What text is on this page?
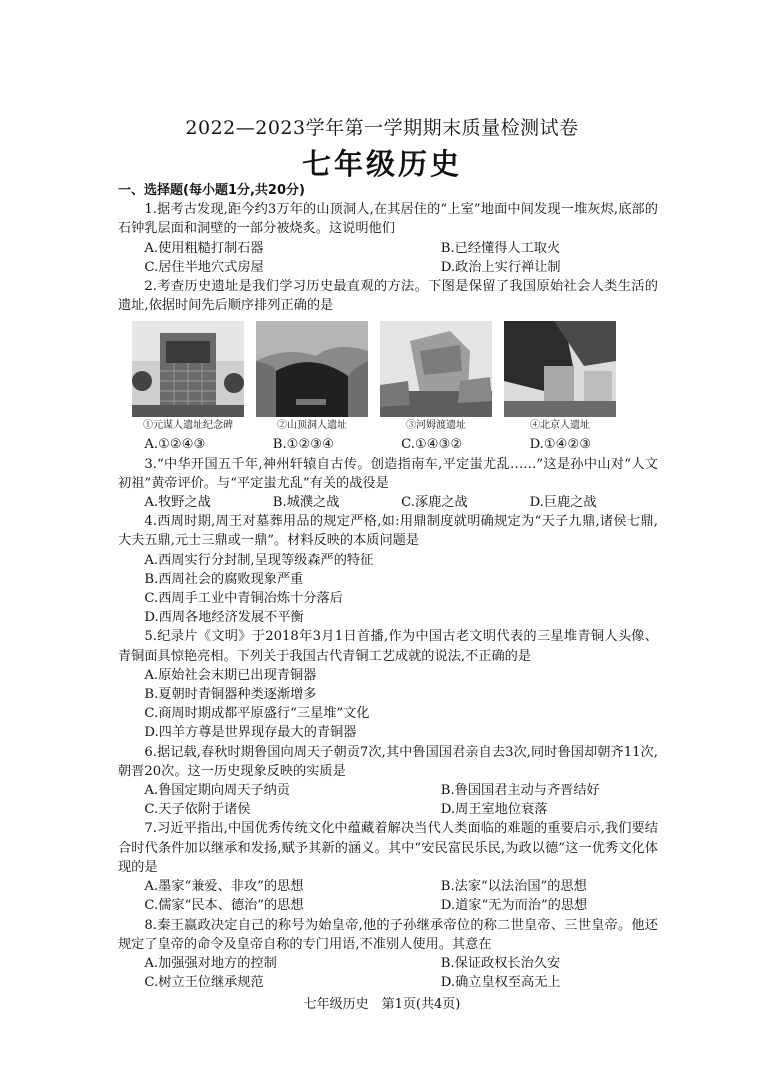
2022—2023学年第一学期期末质量检测试卷
七年级历史
一、选择题(每小题1分,共20分)
1.据考古发现,距今约3万年的山顶洞人,在其居住的“上室”地面中间发现一堆灰烬,底部的石钟乳层面和洞壁的一部分被烧炙。这说明他们
A.使用粗糙打制石器	B.已经懂得人工取火
C.居住半地穴式房屋	D.政治上实行禅让制
2.考查历史遗址是我们学习历史最直观的方法。下图是保留了我国原始社会人类生活的遗址,依据时间先后顺序排列正确的是
①元谋人遗址纪念碑	②山顶洞人遗址	③河姆渡遗址	④北京人遗址
A.①②④③	B.①②③④	C.①④③②	D.①④②③
3.“中华开国五千年,神州轩辕自古传。创造指南车,平定蚩尤乱……”这是孙中山对“人文初祖”黄帝评价。与“平定蚩尤乱”有关的战役是
A.牧野之战	B.城濮之战	C.涿鹿之战	D.巨鹿之战
4.西周时期,周王对墓葬用品的规定严格,如:用鼎制度就明确规定为“天子九鼎,诸侯七鼎,大夫五鼎,元士三鼎或一鼎”。材料反映的本质问题是
A.西周实行分封制,呈现等级森严的特征
B.西周社会的腐败现象严重
C.西周手工业中青铜冶炼十分落后
D.西周各地经济发展不平衡
5.纪录片《文明》于2018年3月1日首播,作为中国古老文明代表的三星堆青铜人头像、青铜面具惊艳亮相。下列关于我国古代青铜工艺成就的说法,不正确的是
A.原始社会末期已出现青铜器
B.夏朝时青铜器种类逐渐增多
C.商周时期成都平原盛行“三星堆”文化
D.四羊方尊是世界现存最大的青铜器
6.据记载,春秋时期鲁国向周天子朝贡7次,其中鲁国国君亲自去3次,同时鲁国却朝齐11次,朝晋20次。这一历史现象反映的实质是
A.鲁国定期向周天子纳贡	B.鲁国国君主动与齐晋结好
C.天子依附于诸侯	D.周王室地位衰落
7.习近平指出,中国优秀传统文化中蕴藏着解决当代人类面临的难题的重要启示,我们要结合时代条件加以继承和发扬,赋予其新的涵义。其中“安民富民乐民,为政以德”这一优秀文化体现的是
A.墨家“兼爱、非攻”的思想	B.法家“以法治国”的思想
C.儒家“民本、德治”的思想	D.道家“无为而治”的思想
8.秦王嬴政决定自己的称号为始皇帝,他的子孙继承帝位的称二世皇帝、三世皇帝。他还规定了皇帝的命令及皇帝自称的专门用语,不准别人使用。其意在
A.加强强对地方的控制	B.保证政权长治久安
C.树立王位继承规范	D.确立皇权至高无上
七年级历史　第1页(共4页)
